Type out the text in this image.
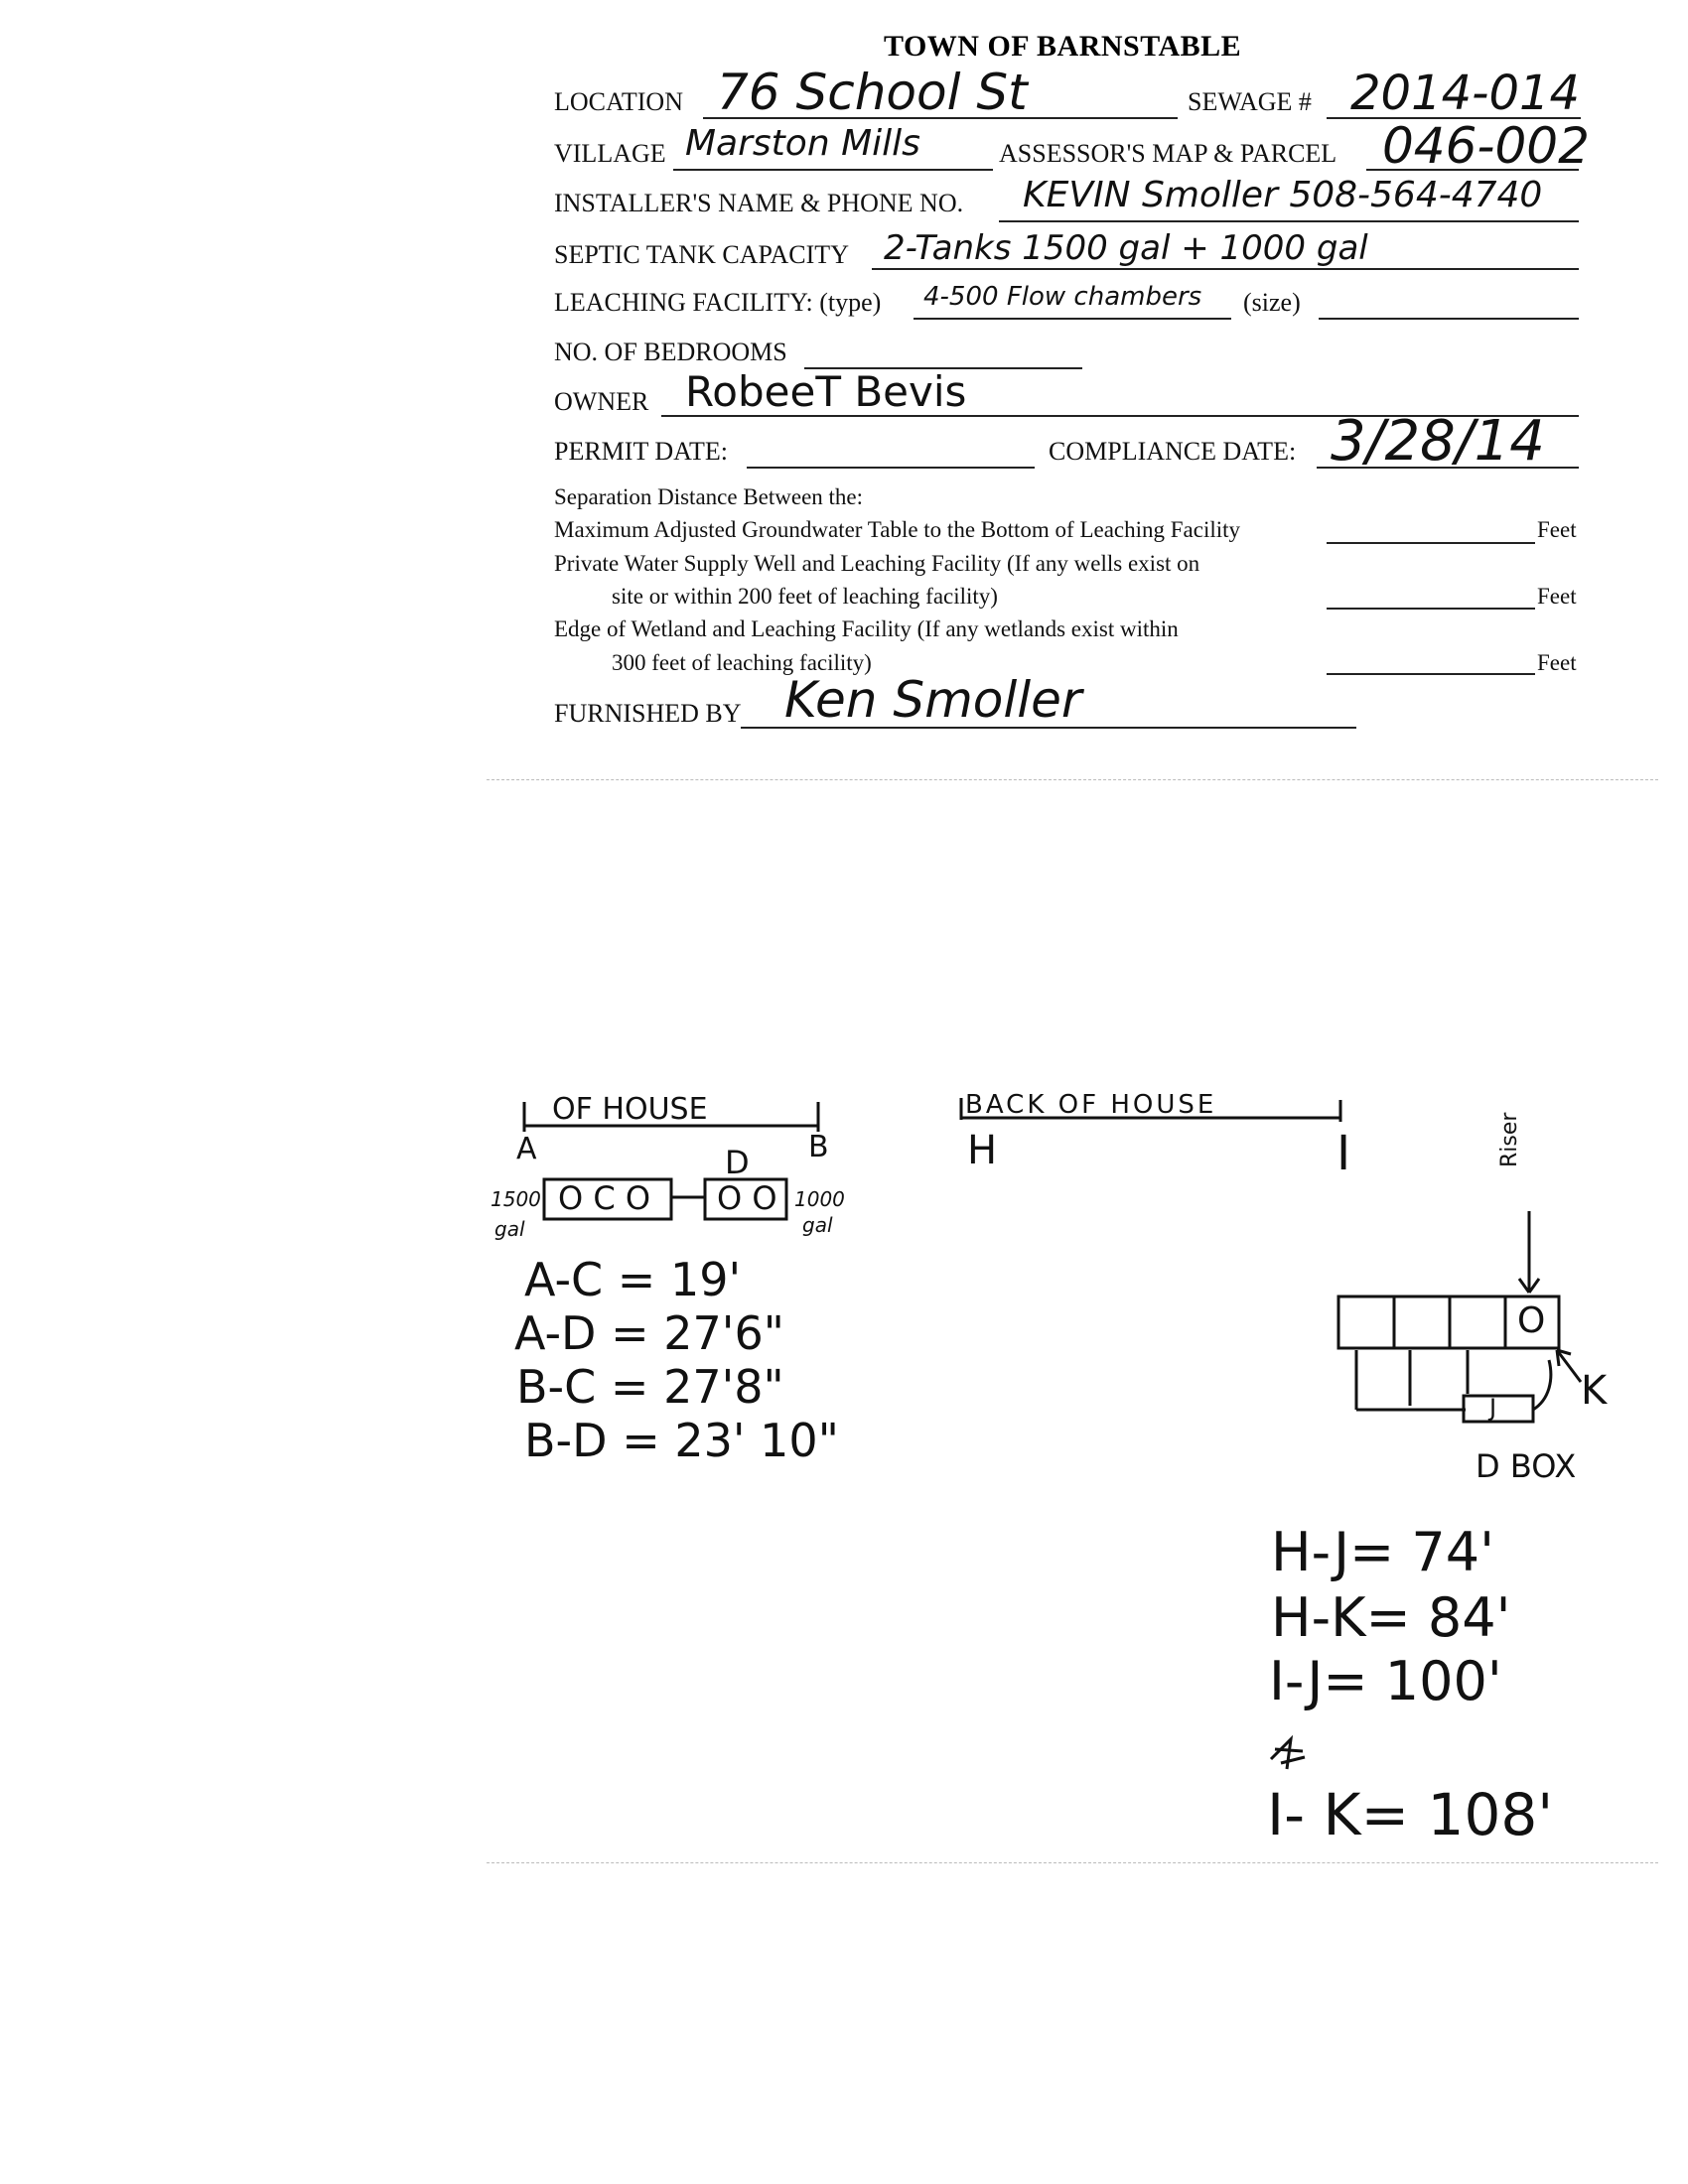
TOWN OF BARNSTABLE
LOCATION 76 School St	SEWAGE # 2014-014
VILLAGE Marston Mills	ASSESSOR'S MAP & PARCEL 046-002
INSTALLER'S NAME & PHONE NO. KEVIN Smoller 508-564-4740
SEPTIC TANK CAPACITY 2-Tanks 1500 gal + 1000 gal
LEACHING FACILITY: (type) 4-500 Flow chambers (size)
NO. OF BEDROOMS
OWNER RobeeT Bevis
PERMIT DATE:	COMPLIANCE DATE: 3/28/14
Separation Distance Between the:
Maximum Adjusted Groundwater Table to the Bottom of Leaching Facility	Feet
Private Water Supply Well and Leaching Facility (If any wells exist on
site or within 200 feet of leaching facility)	Feet
Edge of Wetland and Leaching Facility (If any wetlands exist within
300 feet of leaching facility)	Feet
FURNISHED BY Ken Smoller
OF HOUSE
A	B
D
1500
gal
O C O O O 1000
gal
A-C = 19'
A-D = 27'6"
B-C = 27'8"
B-D = 23' 10"
BACK OF HOUSE
H	I	Riser
O
K
J
D BOX
H-J= 74'
H-K= 84'
I-J= 100'
I- K= 108'
